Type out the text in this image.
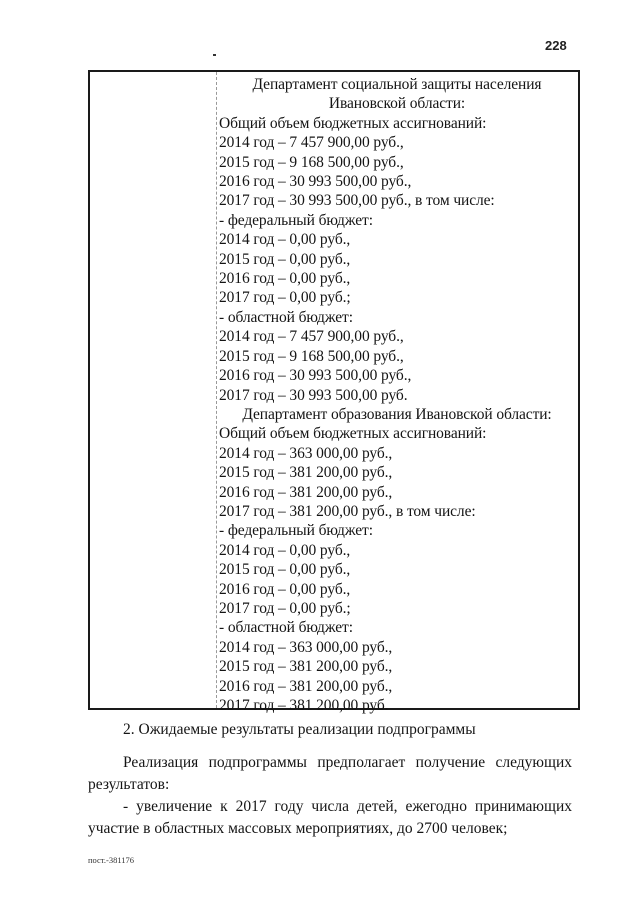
228
Департамент социальной защиты населения
Ивановской области:
Общий объем бюджетных ассигнований:
2014 год – 7 457 900,00 руб.,
2015 год – 9 168 500,00 руб.,
2016 год – 30 993 500,00 руб.,
2017 год – 30 993 500,00 руб., в том числе:
- федеральный бюджет:
2014 год – 0,00 руб.,
2015 год – 0,00 руб.,
2016 год – 0,00 руб.,
2017 год – 0,00 руб.;
- областной бюджет:
2014 год – 7 457 900,00 руб.,
2015 год – 9 168 500,00 руб.,
2016 год – 30 993 500,00 руб.,
2017 год – 30 993 500,00 руб.
Департамент образования Ивановской области:
Общий объем бюджетных ассигнований:
2014 год – 363 000,00 руб.,
2015 год – 381 200,00 руб.,
2016 год – 381 200,00 руб.,
2017 год – 381 200,00 руб., в том числе:
- федеральный бюджет:
2014 год – 0,00 руб.,
2015 год – 0,00 руб.,
2016 год – 0,00 руб.,
2017 год – 0,00 руб.;
- областной бюджет:
2014 год – 363 000,00 руб.,
2015 год – 381 200,00 руб.,
2016 год – 381 200,00 руб.,
2017 год – 381 200,00 руб.
2. Ожидаемые результаты реализации подпрограммы
Реализация подпрограммы предполагает получение следующих результатов:
- увеличение к 2017 году числа детей, ежегодно принимающих участие в областных массовых мероприятиях, до 2700 человек;
пост.-381176
